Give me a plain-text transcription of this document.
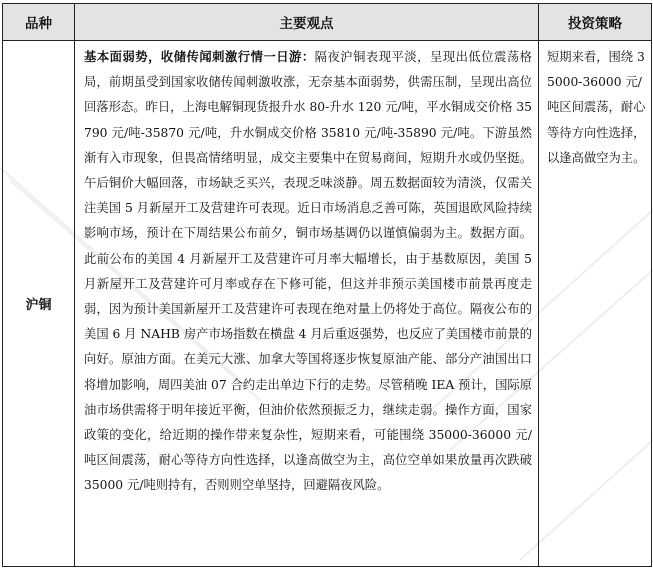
品种	主要观点	投资策略
沪铜	基本面弱势，收储传闻刺激行情一日游：隔夜沪铜表现平淡，呈现出低位震荡格局，前期虽受到国家收储传闻刺激收涨，无奈基本面弱势，供需压制，呈现出高位回落形态。昨日，上海电解铜现货报升水 80-升水 120 元/吨，平水铜成交价格 35790 元/吨-35870 元/吨，升水铜成交价格 35810 元/吨-35890 元/吨。下游虽然渐有入市现象，但畏高情绪明显，成交主要集中在贸易商间，短期升水或仍坚挺。午后铜价大幅回落，市场缺乏买兴，表现乏味淡静。周五数据面较为清淡，仅需关注美国 5 月新屋开工及营建许可表现。近日市场消息乏善可陈，英国退欧风险持续影响市场，预计在下周结果公布前夕，铜市场基调仍以谨慎偏弱为主。数据方面。此前公布的美国 4 月新屋开工及营建许可月率大幅增长，由于基数原因，美国 5 月新屋开工及营建许可月率或存在下修可能，但这并非预示美国楼市前景再度走弱，因为预计美国新屋开工及营建许可表现在绝对量上仍将处于高位。隔夜公布的美国 6 月 NAHB 房产市场指数在横盘 4 月后重返强势，也反应了美国楼市前景的向好。原油方面。在美元大涨、加拿大等国将逐步恢复原油产能、部分产油国出口将增加影响，周四美油 07 合约走出单边下行的走势。尽管稍晚 IEA 预计，国际原油市场供需将于明年接近平衡，但油价依然预振乏力，继续走弱。操作方面，国家政策的变化，给近期的操作带来复杂性，短期来看，可能围绕 35000-36000 元/吨区间震荡，耐心等待方向性选择，以逢高做空为主，高位空单如果放量再次跌破 35000 元/吨则持有，否则则空单坚持，回避隔夜风险。	短期来看，围绕 35000-36000 元/吨区间震荡，耐心等待方向性选择，以逢高做空为主。
